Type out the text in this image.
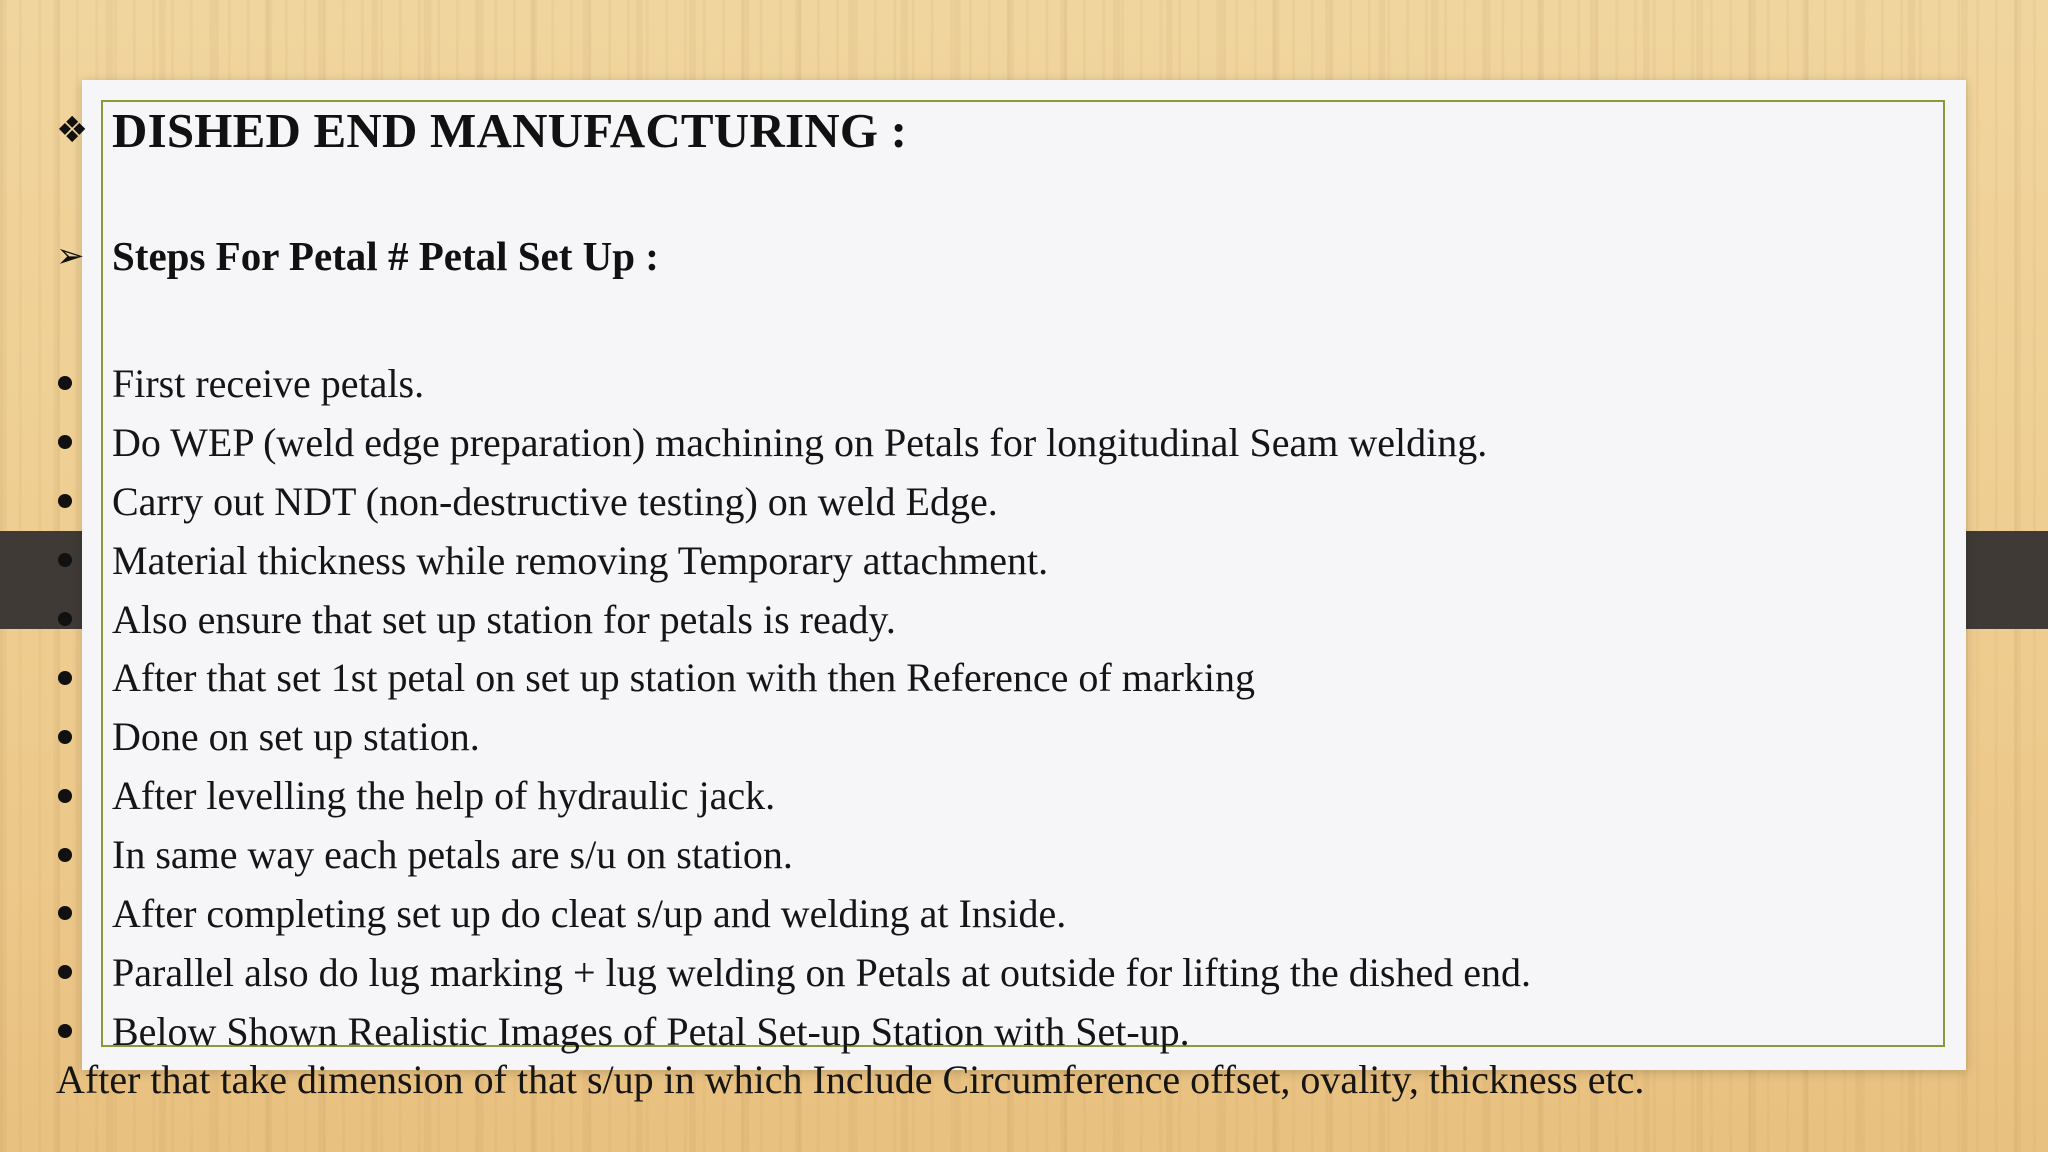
❖ DISHED END MANUFACTURING :
➢ Steps For Petal # Petal Set Up :
First receive petals.
Do WEP (weld edge preparation) machining on Petals for longitudinal Seam welding.
Carry out NDT (non-destructive testing) on weld Edge.
Material thickness while removing Temporary attachment.
Also ensure that set up station for petals is ready.
After that set 1st petal on set up station with then Reference of marking
Done on set up station.
After levelling the help of hydraulic jack.
In same way each petals are s/u on station.
After completing set up do cleat s/up and welding at Inside.
Parallel also do lug marking + lug welding on Petals at outside for lifting the dished end.
Below Shown Realistic Images of Petal Set-up Station with Set-up.
After that take dimension of that s/up in which Include Circumference offset, ovality, thickness etc.
